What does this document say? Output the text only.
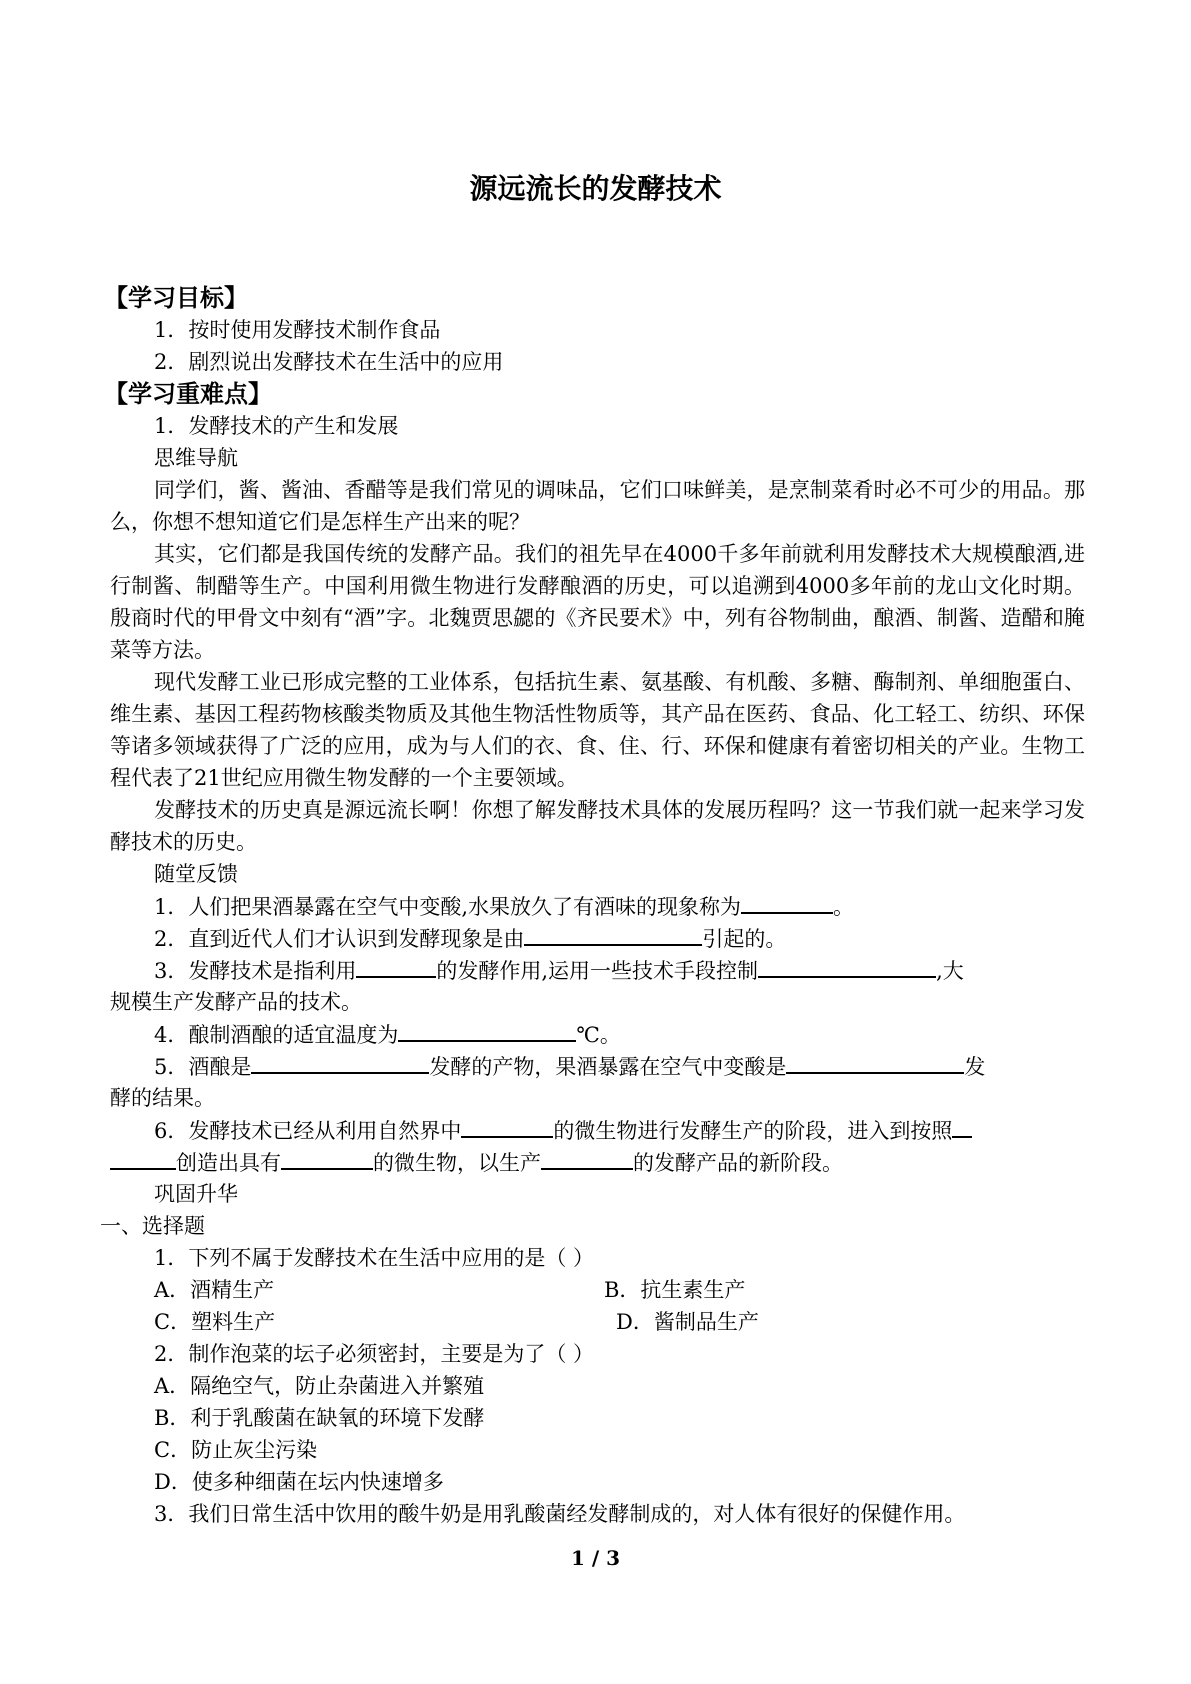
源远流长的发酵技术
【学习目标】
1．按时使用发酵技术制作食品
2．剧烈说出发酵技术在生活中的应用
【学习重难点】
1．发酵技术的产生和发展
思维导航
同学们，酱、酱油、香醋等是我们常见的调味品，它们口味鲜美，是烹制菜肴时必不可少的用品。那么，你想不想知道它们是怎样生产出来的呢？
其实，它们都是我国传统的发酵产品。我们的祖先早在4000千多年前就利用发酵技术大规模酿酒,进行制酱、制醋等生产。中国利用微生物进行发酵酿酒的历史，可以追溯到4000多年前的龙山文化时期。殷商时代的甲骨文中刻有“酒”字。北魏贾思勰的《齐民要术》中，列有谷物制曲，酿酒、制酱、造醋和腌菜等方法。
现代发酵工业已形成完整的工业体系，包括抗生素、氨基酸、有机酸、多糖、酶制剂、单细胞蛋白、维生素、基因工程药物核酸类物质及其他生物活性物质等，其产品在医药、食品、化工轻工、纺织、环保等诸多领域获得了广泛的应用，成为与人们的衣、食、住、行、环保和健康有着密切相关的产业。生物工程代表了21世纪应用微生物发酵的一个主要领域。
发酵技术的历史真是源远流长啊！你想了解发酵技术具体的发展历程吗？这一节我们就一起来学习发酵技术的历史。
随堂反馈
1．人们把果酒暴露在空气中变酸,水果放久了有酒味的现象称为	。
2．直到近代人们才认识到发酵现象是由	引起的。
3．发酵技术是指利用	的发酵作用,运用一些技术手段控制	,大
规模生产发酵产品的技术。
4．酿制酒酿的适宜温度为	℃。
5．酒酿是	发酵的产物，果酒暴露在空气中变酸是	发
酵的结果。
6．发酵技术已经从利用自然界中	的微生物进行发酵生产的阶段，进入到按照
创造出具有	的微生物，以生产	的发酵产品的新阶段。
巩固升华
一、选择题
1．下列不属于发酵技术在生活中应用的是（ ）
A．酒精生产	B．抗生素生产
C．塑料生产	D．酱制品生产
2．制作泡菜的坛子必须密封，主要是为了（ ）
A．隔绝空气，防止杂菌进入并繁殖
B．利于乳酸菌在缺氧的环境下发酵
C．防止灰尘污染
D．使多种细菌在坛内快速增多
3．我们日常生活中饮用的酸牛奶是用乳酸菌经发酵制成的，对人体有很好的保健作用。
1 / 3
